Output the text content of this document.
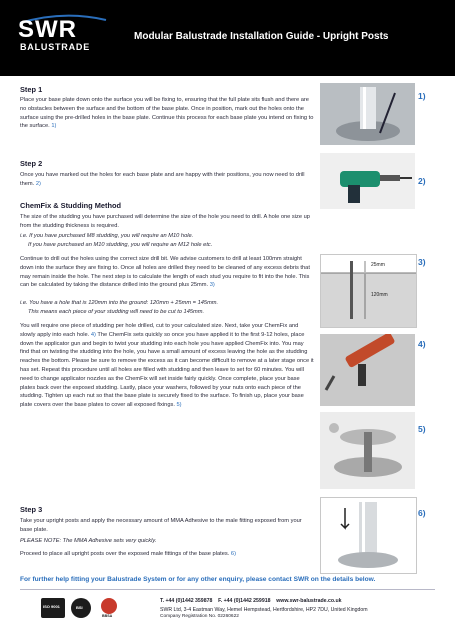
SWR
BALUSTRADE
Modular Balustrade Installation Guide - Upright Posts
Step 1
Place your base plate down onto the surface you will be fixing to, ensuring that the full plate sits flush and there are no obstacles between the surface and the bottom of the base plate. Once in position, mark out the holes onto the surface using the pre-drilled holes in the base plate. Continue this process for each base plate you intend on fixing to the surface. 1)
Step 2
Once you have marked out the holes for each base plate and are happy with their positions, you now need to drill them. 2)
ChemFix & Studding Method
The size of the studding you have purchased will determine the size of the hole you need to drill. A hole one size up from the studding thickness is required.
i.e. If you have purchased M8 studding, you will require an M10 hole.
If you have purchased an M10 studding, you will require an M12 hole etc.
Continue to drill out the holes using the correct size drill bit. We advise customers to drill at least 100mm straight down into the surface they are fixing to. Once all holes are drilled they need to be cleaned of any excess debris that may remain inside the hole. The next step is to calculate the length of each stud you require to fit into the hole. This can be calculated by taking the distance drilled into the ground plus 25mm. 3)
i.e. You have a hole that is 120mm into the ground: 120mm + 25mm = 145mm.
This means each piece of your studding will need to be cut to 145mm.
You will require one piece of studding per hole drilled, cut to your calculated size. Next, take your ChemFix and slowly apply into each hole. 4) The ChemFix sets quickly so once you have applied it to the first 9-12 holes, place down the applicator gun and begin to twist your studding into each hole you have applied ChemFix into. You may find that on twisting the studding into the hole, you have a small amount of excess leaving the hole as the studding reaches the bottom. Please be sure to remove the excess as it can become difficult to remove at a later stage once it has set. Repeat this procedure until all holes are filled with studding and then leave to set for 60 minutes. You will need to change applicator nozzles as the ChemFix will set inside fairly quickly. Once complete, place your base plates back over the exposed studding. Lastly, place your washers, followed by your nuts onto each piece of the studding. Tighten up each nut so that the base plate is securely fixed to the surface. To finish up, place your base plate covers over the base plates to cover all exposed fixings. 5)
Step 3
Take your upright posts and apply the necessary amount of MMA Adhesive to the male fitting exposed from your base plate.
PLEASE NOTE: The MMA Adhesive sets very quickly.
Proceed to place all upright posts over the exposed male fittings of the base plates. 6)
1)
2)
25mm
120mm
3)
4)
5)
6)
For further help fitting your Balustrade System or for any other enquiry, please contact SWR on the details below.
ISO 9001	BSI
BBSA
T. +44 (0)1442 359878 F. +44 (0)1442 259918 www.swr-balustrade.co.uk
SWR Ltd, 3-4 Eastman Way, Hemel Hempstead, Hertfordshire, HP2 7DU, United Kingdom
Company Registration No. 02260622
